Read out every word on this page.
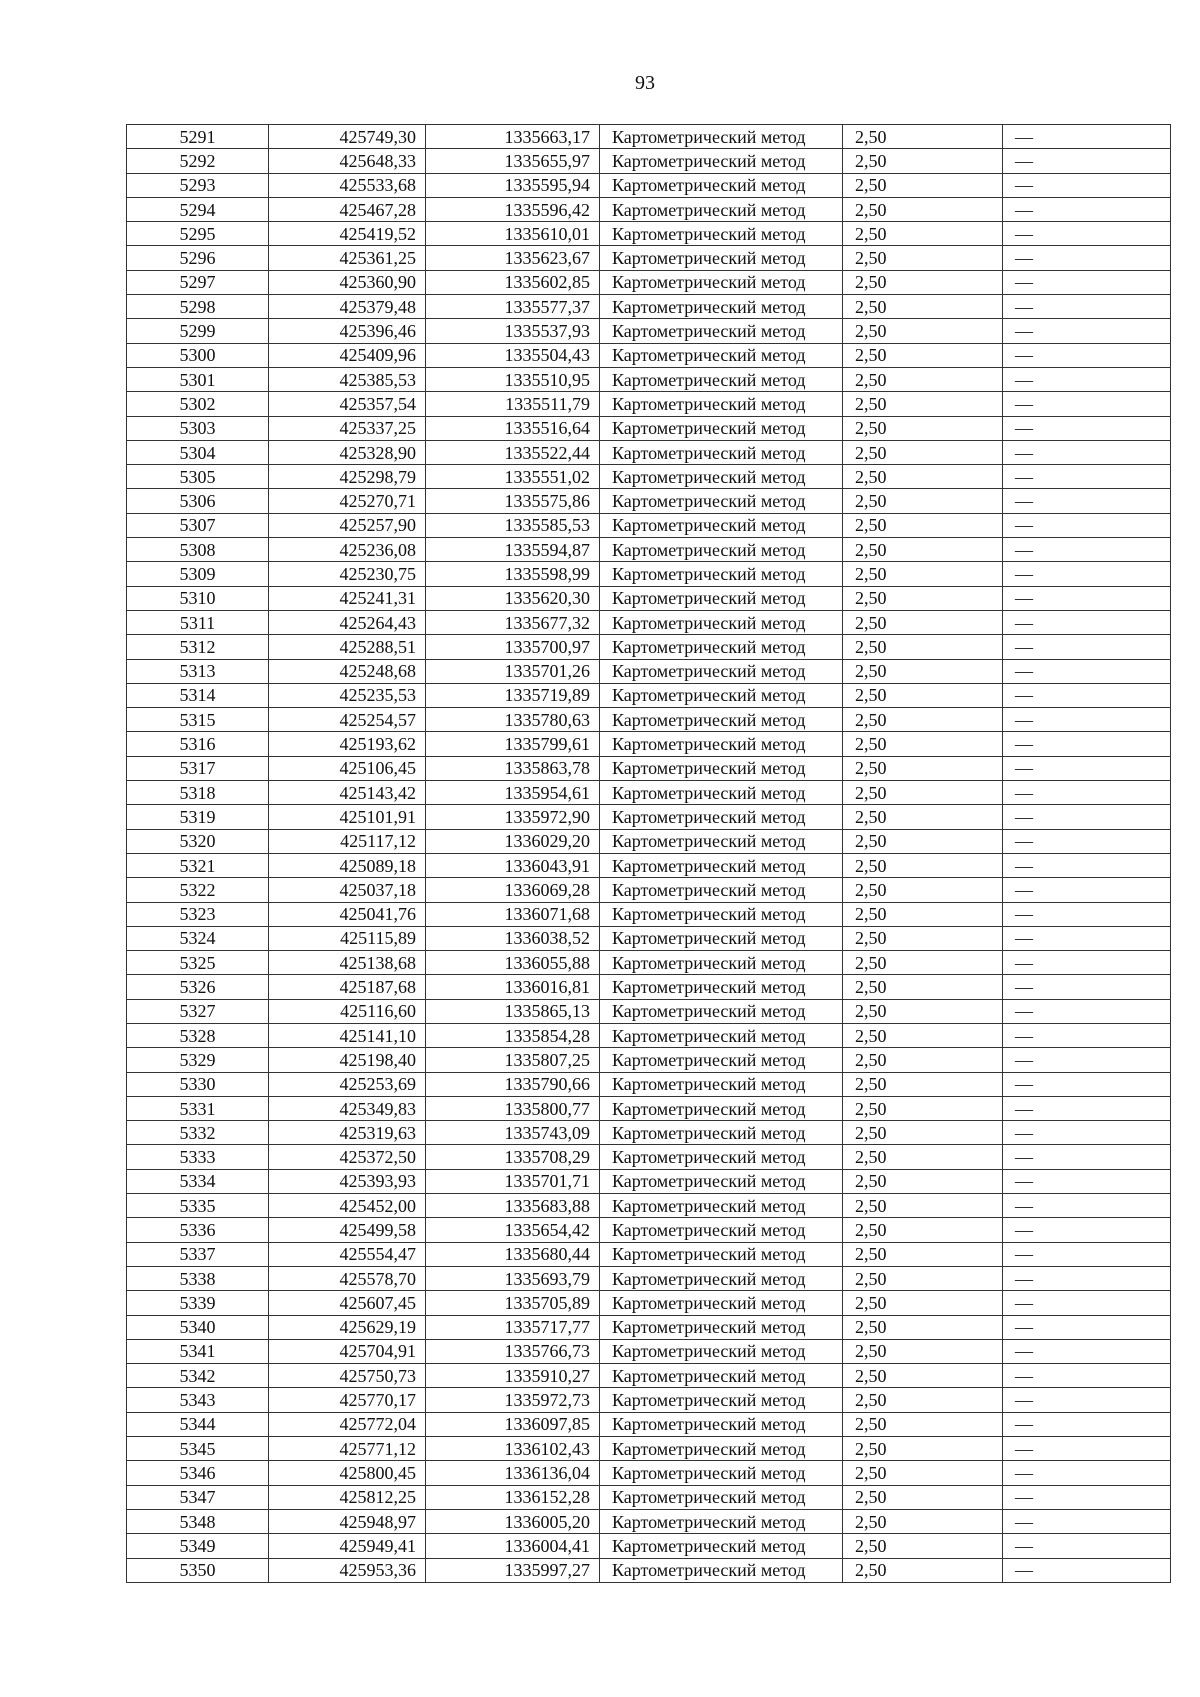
93
5291	425749,30	1335663,17	Картометрический метод	2,50	—
5292	425648,33	1335655,97	Картометрический метод	2,50	—
5293	425533,68	1335595,94	Картометрический метод	2,50	—
5294	425467,28	1335596,42	Картометрический метод	2,50	—
5295	425419,52	1335610,01	Картометрический метод	2,50	—
5296	425361,25	1335623,67	Картометрический метод	2,50	—
5297	425360,90	1335602,85	Картометрический метод	2,50	—
5298	425379,48	1335577,37	Картометрический метод	2,50	—
5299	425396,46	1335537,93	Картометрический метод	2,50	—
5300	425409,96	1335504,43	Картометрический метод	2,50	—
5301	425385,53	1335510,95	Картометрический метод	2,50	—
5302	425357,54	1335511,79	Картометрический метод	2,50	—
5303	425337,25	1335516,64	Картометрический метод	2,50	—
5304	425328,90	1335522,44	Картометрический метод	2,50	—
5305	425298,79	1335551,02	Картометрический метод	2,50	—
5306	425270,71	1335575,86	Картометрический метод	2,50	—
5307	425257,90	1335585,53	Картометрический метод	2,50	—
5308	425236,08	1335594,87	Картометрический метод	2,50	—
5309	425230,75	1335598,99	Картометрический метод	2,50	—
5310	425241,31	1335620,30	Картометрический метод	2,50	—
5311	425264,43	1335677,32	Картометрический метод	2,50	—
5312	425288,51	1335700,97	Картометрический метод	2,50	—
5313	425248,68	1335701,26	Картометрический метод	2,50	—
5314	425235,53	1335719,89	Картометрический метод	2,50	—
5315	425254,57	1335780,63	Картометрический метод	2,50	—
5316	425193,62	1335799,61	Картометрический метод	2,50	—
5317	425106,45	1335863,78	Картометрический метод	2,50	—
5318	425143,42	1335954,61	Картометрический метод	2,50	—
5319	425101,91	1335972,90	Картометрический метод	2,50	—
5320	425117,12	1336029,20	Картометрический метод	2,50	—
5321	425089,18	1336043,91	Картометрический метод	2,50	—
5322	425037,18	1336069,28	Картометрический метод	2,50	—
5323	425041,76	1336071,68	Картометрический метод	2,50	—
5324	425115,89	1336038,52	Картометрический метод	2,50	—
5325	425138,68	1336055,88	Картометрический метод	2,50	—
5326	425187,68	1336016,81	Картометрический метод	2,50	—
5327	425116,60	1335865,13	Картометрический метод	2,50	—
5328	425141,10	1335854,28	Картометрический метод	2,50	—
5329	425198,40	1335807,25	Картометрический метод	2,50	—
5330	425253,69	1335790,66	Картометрический метод	2,50	—
5331	425349,83	1335800,77	Картометрический метод	2,50	—
5332	425319,63	1335743,09	Картометрический метод	2,50	—
5333	425372,50	1335708,29	Картометрический метод	2,50	—
5334	425393,93	1335701,71	Картометрический метод	2,50	—
5335	425452,00	1335683,88	Картометрический метод	2,50	—
5336	425499,58	1335654,42	Картометрический метод	2,50	—
5337	425554,47	1335680,44	Картометрический метод	2,50	—
5338	425578,70	1335693,79	Картометрический метод	2,50	—
5339	425607,45	1335705,89	Картометрический метод	2,50	—
5340	425629,19	1335717,77	Картометрический метод	2,50	—
5341	425704,91	1335766,73	Картометрический метод	2,50	—
5342	425750,73	1335910,27	Картометрический метод	2,50	—
5343	425770,17	1335972,73	Картометрический метод	2,50	—
5344	425772,04	1336097,85	Картометрический метод	2,50	—
5345	425771,12	1336102,43	Картометрический метод	2,50	—
5346	425800,45	1336136,04	Картометрический метод	2,50	—
5347	425812,25	1336152,28	Картометрический метод	2,50	—
5348	425948,97	1336005,20	Картометрический метод	2,50	—
5349	425949,41	1336004,41	Картометрический метод	2,50	—
5350	425953,36	1335997,27	Картометрический метод	2,50	—
